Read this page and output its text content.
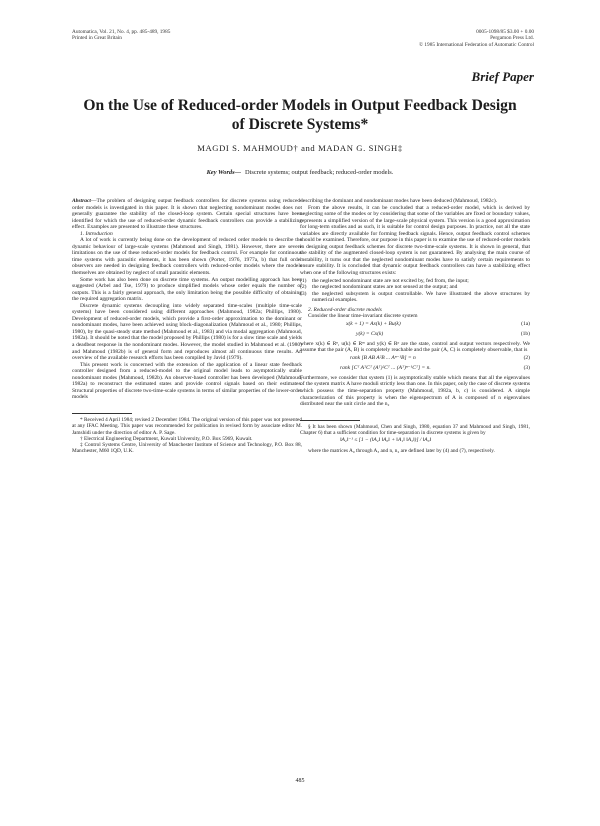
Automatica, Vol. 21, No. 4, pp. 485-489, 1985
Printed in Great Britain
0005-1098/85 $3.00 + 0.00
Pergamon Press Ltd.
© 1985 International Federation of Automatic Control
Brief Paper
On the Use of Reduced-order Models in Output Feedback Design
of Discrete Systems*
MAGDI S. MAHMOUD† and MADAN G. SINGH‡
Key Words— Discrete systems; output feedback; reduced-order models.

Abstract—The problem of designing output feedback controllers for discrete systems using reduced-order models is investigated in this paper. It is shown that neglecting nondominant modes does not generally guarantee the stability of the closed-loop system. Certain special structures have been identified for which the use of reduced-order dynamic feedback controllers can provide a stabilizing effect. Examples are presented to illustrate these structures.

1. Introduction

A lot of work is currently being done on the development of reduced order models to describe the dynamic behaviour of large-scale systems (Mahmoud and Singh, 1981). However, there are severe limitations on the use of these reduced-order models for feedback control. For example for continuous time systems with parasitic elements, it has been shown (Porter, 1976, 1977a, b) that full order observers are needed in designing feedback controllers with reduced-order models where the models themselves are obtained by neglect of small parasitic elements.

Some work has also been done on discrete time systems. An output modelling approach has been suggested (Arbel and Tse, 1979) to produce simplified models whose order equals the number of outputs. This is a fairly general approach, the only limitation being the possible difficulty of obtaining the required aggregation matrix.

Discrete dynamic systems decoupling into widely separated time-scales (multiple time-scale systems) have been considered using different approaches (Mahmoud, 1982a; Phillips, 1980). Development of reduced-order models, which provide a first-order approximation to the dominant or nondominant modes, have been achieved using block-diagonalization (Mahmoud et al., 1980; Phillips, 1980), by the quasi-steady state method (Mahmoud et al., 1983) and via modal aggregation (Mahmoud, 1982a). It should be noted that the model proposed by Phillips (1980) is for a slow time scale and yields a deadbeat response in the nondominant modes. However, the model studied in Mahmoud et al. (1980) and Mahmoud (1982b) is of general form and reproduces almost all continuous time results. An overview of the available research efforts has been compiled by Javid (1979).

This present work is concerned with the extension of the application of a linear state feedback controller designed from a reduced-model to the original model leads to asymptotically stable nondominant modes (Mahmoud, 1982b). An observer-based controller has been developed (Mahmoud, 1982a) to reconstruct the estimated states and provide control signals based on their estimates. Structural properties of discrete two-time-scale systems in terms of similar properties of the lower-order models

* Received 4 April 1984; revised 2 December 1984. The original version of this paper was not presented at any IFAC Meeting. This paper was recommended for publication in revised form by associate editor M. Jamshidi under the direction of editor A. P. Sage.

† Electrical Engineering Department, Kuwait University, P.O. Box 5969, Kuwait.

‡ Control Systems Centre, University of Manchester Institute of Science and Technology, P.O. Box 88, Manchester, M60 1QD, U.K.

describing the dominant and nondominant modes have been deduced (Mahmoud, 1982c).

From the above results, it can be concluded that a reduced-order model, which is derived by neglecting some of the modes or by considering that some of the variables are fixed or boundary values, represents a simplified version of the large-scale physical system. This version is a good approximation for long-term studies and as such, it is suitable for control design purposes. In practice, not all the state variables are directly available for forming feedback signals. Hence, output feedback control schemes should be examined. Therefore, our purpose in this paper is to examine the use of reduced-order models in designing output feedback schemes for discrete two-time-scale systems. It is shown in general, that the stability of the augmented closed-loop system is not guaranteed. By analysing the main course of instability, it turns out that the neglected nondominant modes have to satisfy certain requirements to ensure stability. It is concluded that dynamic output feedback controllers can have a stabilizing effect when one of the following structures exists:

(1) the neglected nondominant state are not excited by, fed from, the input;
(2) the neglected nondominant states are not sensed at the output; and
(3) the neglected subsystem is output controllable. We have illustrated the above structures by numerical examples.

2. Reduced-order discrete models

Consider the linear time-invariant discrete system

x(k + 1) = Ax(k) + Bu(k)	(1a)
y(k) = Cx(k)	(1b)

where x(k) ∈ Rⁿ, u(k) ∈ Rᵐ and y(k) ∈ Rᵖ are the state, control and output vectors respectively. We assume that the pair (A, B) is completely reachable and the pair (A, C) is completely observable, that is

rank [B AB A²B ... Aⁿ⁻¹B] = n	(2)
rank [Cᵀ AᵀCᵀ (Aᵀ)²Cᵀ ... (Aᵀ)ⁿ⁻¹Cᵀ] = n.	(3)

Furthermore, we consider that system (1) is asymptotically stable which means that all the eigenvalues of the system matrix A have moduli strictly less than one. In this paper, only the case of discrete systems which possess the time-separation property (Mahmoud, 1982a, b, c) is considered. A simple characterization of this property is when the eigenspectrum of A is composed of n eigenvalues distributed near the unit circle and the n₂

§ It has been shown (Mahmoud, Chen and Singh, 1980, equation 37 and Mahmoud and Singh, 1981, Chapter 6) that a sufficient condition for time-separation in discrete systems is given by

‖A₂‖⁻¹ ≤ [1 − (‖A₂‖ ‖A₀‖ + ‖A₁‖ ‖A₃‖)] / ‖A₀‖

where the matrices A₀ through A₃ and n, n₂ are defined later by (4) and (7), respectively.

485
